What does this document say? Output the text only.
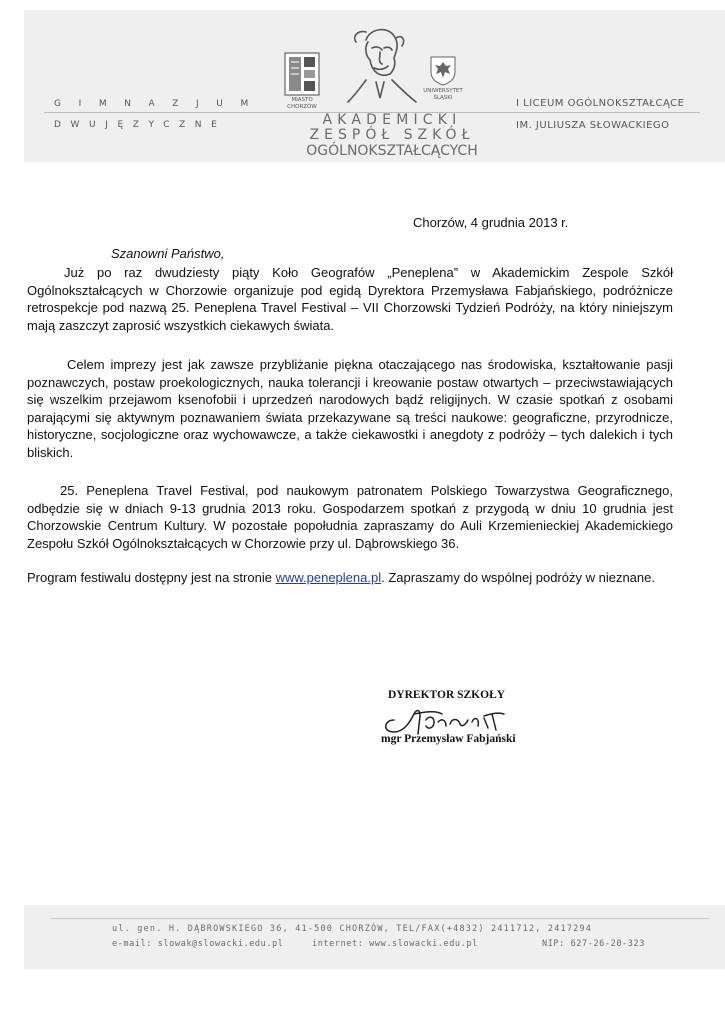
GIMNAZJUM
DWUJĘZYCZNE
MIASTO
CHORZÓW
UNIWERSYTET
ŚLĄSKI
AKADEMICKI
ZESPÓŁ SZKÓŁ
OGÓLNOKSZTAŁCĄCYCH
I LICEUM OGÓLNOKSZTAŁCĄCE
IM. JULIUSZA SŁOWACKIEGO
Chorzów, 4 grudnia 2013 r.
Szanowni Państwo,
Już po raz dwudziesty piąty Koło Geografów „Peneplena” w Akademickim Zespole Szkół Ogólnokształcących w Chorzowie organizuje pod egidą Dyrektora Przemysława Fabjańskiego, podróżnicze retrospekcje pod nazwą 25. Peneplena Travel Festival – VII Chorzowski Tydzień Podróży, na który niniejszym mają zaszczyt zaprosić wszystkich ciekawych świata.
Celem imprezy jest jak zawsze przybliżanie piękna otaczającego nas środowiska, kształtowanie pasji poznawczych, postaw proekologicznych, nauka tolerancji i kreowanie postaw otwartych – przeciwstawiających się wszelkim przejawom ksenofobii i uprzedzeń narodowych bądź religijnych. W czasie spotkań z osobami parającymi się aktywnym poznawaniem świata przekazywane są treści naukowe: geograficzne, przyrodnicze, historyczne, socjologiczne oraz wychowawcze, a także ciekawostki i anegdoty z podróży – tych dalekich i tych bliskich.
25. Peneplena Travel Festival, pod naukowym patronatem Polskiego Towarzystwa Geograficznego, odbędzie się w dniach 9-13 grudnia 2013 roku. Gospodarzem spotkań z przygodą w dniu 10 grudnia jest Chorzowskie Centrum Kultury. W pozostałe popołudnia zapraszamy do Auli Krzemienieckiej Akademickiego Zespołu Szkół Ogólnokształcących w Chorzowie przy ul. Dąbrowskiego 36.
Program festiwalu dostępny jest na stronie www.peneplena.pl. Zapraszamy do wspólnej podróży w nieznane.
DYREKTOR SZKOŁY
mgr Przemysław Fabjański
ul. gen. H. DĄBROWSKIEGO 36, 41-500 CHORZÓW, TEL/FAX(+4832) 2411712, 2417294
e-mail: slowak@slowacki.edu.pl	internet: www.slowacki.edu.pl	NIP: 627-26-20-323
